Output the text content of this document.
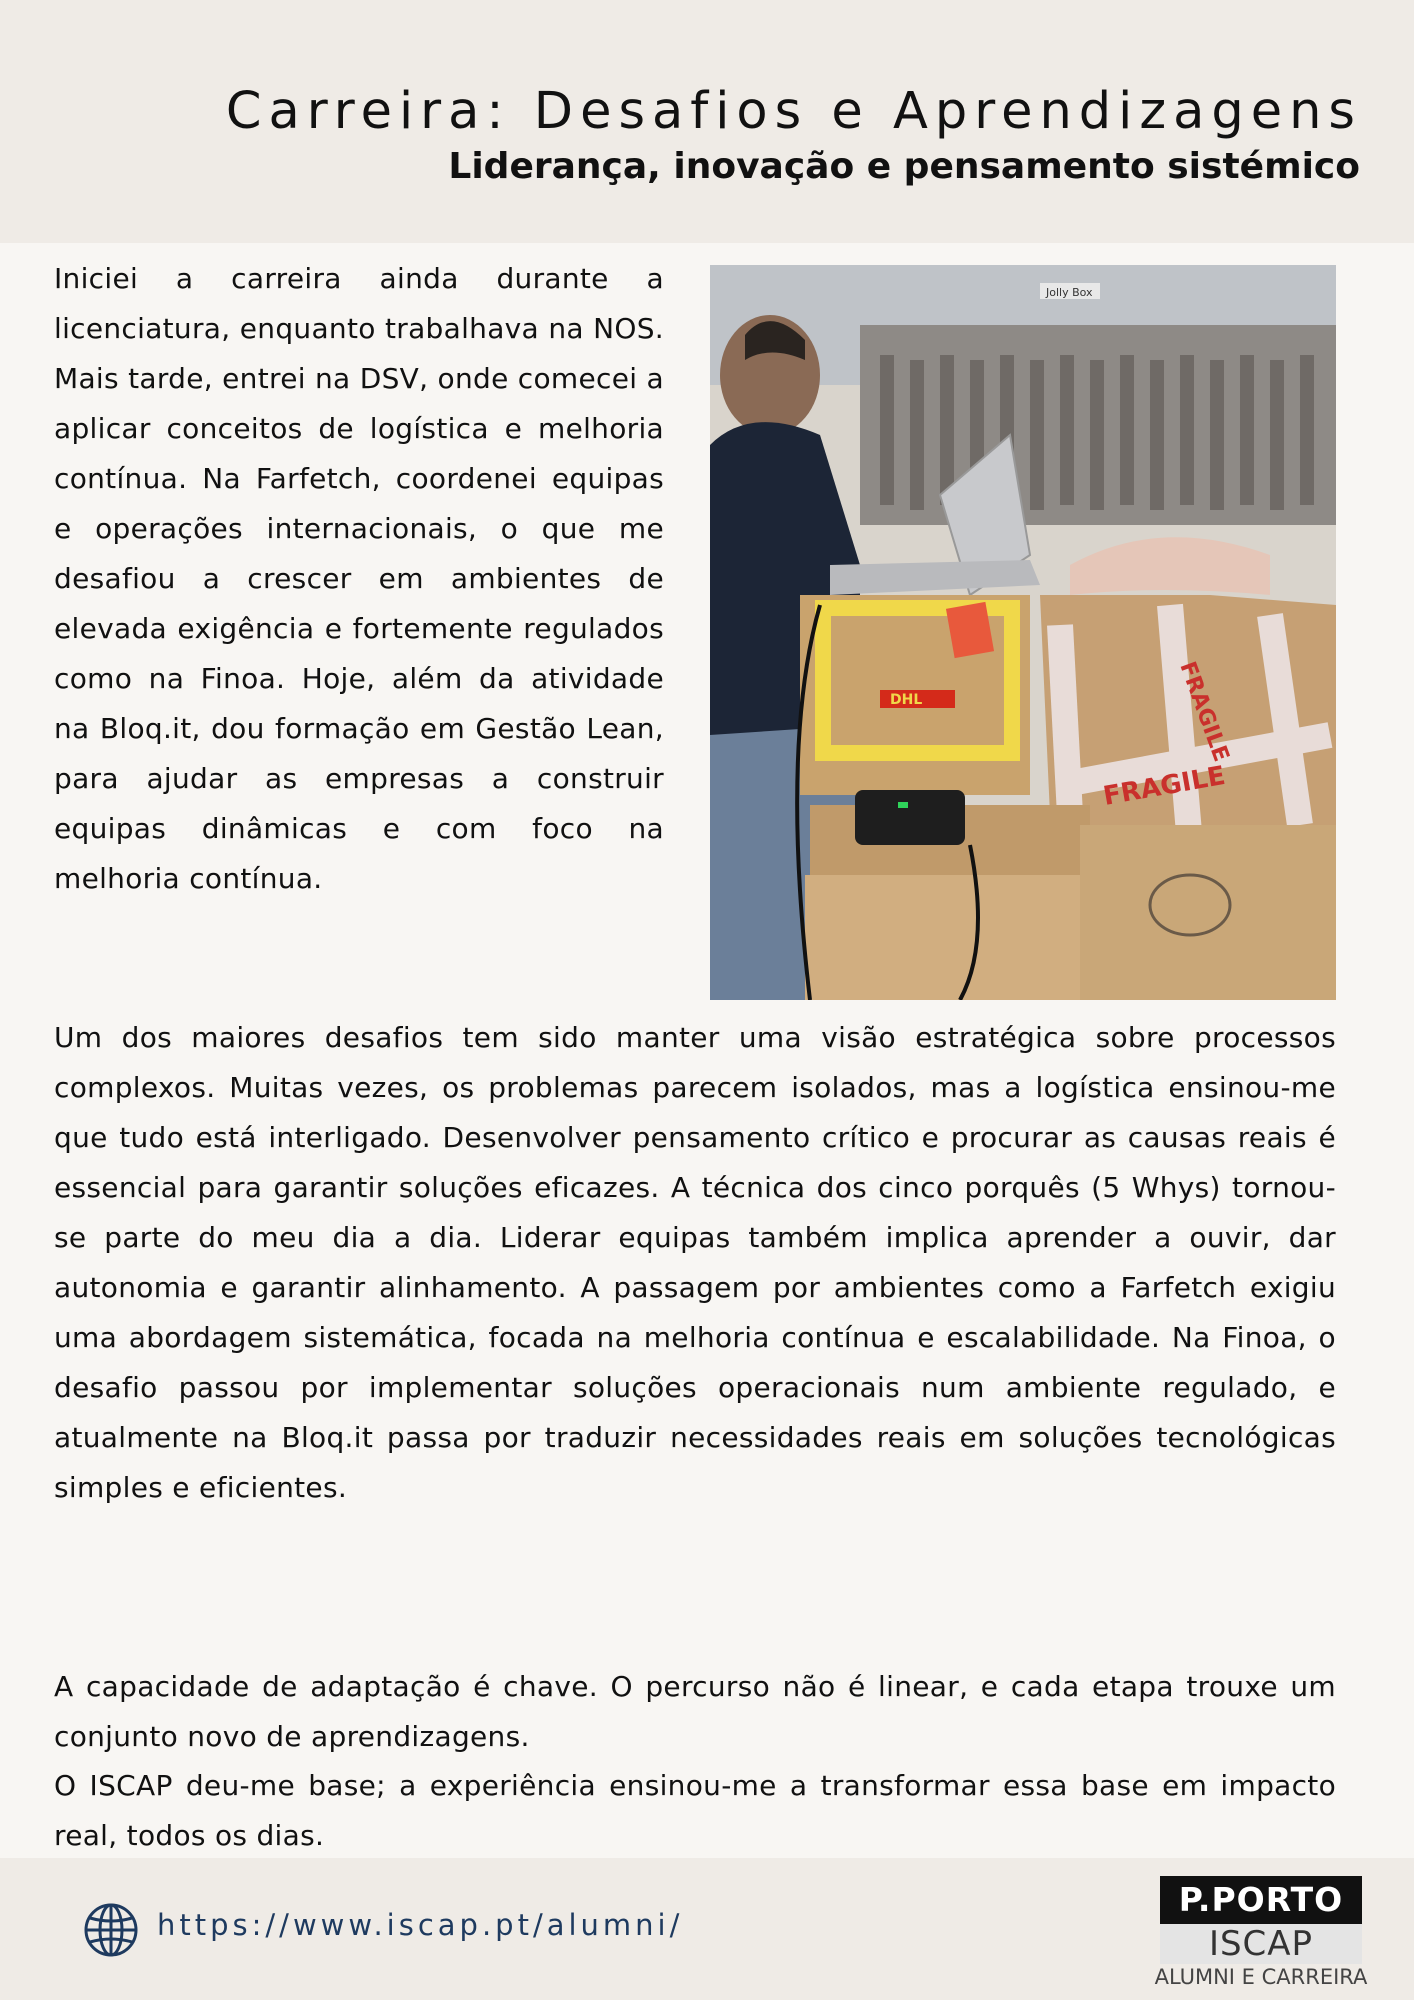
Carreira: Desafios e Aprendizagens
Liderança, inovação e pensamento sistémico

Iniciei a carreira ainda durante a licenciatura, enquanto trabalhava na NOS. Mais tarde, entrei na DSV, onde comecei a aplicar conceitos de logística e melhoria contínua. Na Farfetch, coordenei equipas e operações internacionais, o que me desafiou a crescer em ambientes de elevada exigência e fortemente regulados como na Finoa. Hoje, além da atividade na Bloq.it, dou formação em Gestão Lean, para ajudar as empresas a construir equipas dinâmicas e com foco na melhoria contínua.

Jolly Box
DHL
FRAGILE
FRAGILE

Um dos maiores desafios tem sido manter uma visão estratégica sobre processos complexos. Muitas vezes, os problemas parecem isolados, mas a logística ensinou-me que tudo está interligado. Desenvolver pensamento crítico e procurar as causas reais é essencial para garantir soluções eficazes. A técnica dos cinco porquês (5 Whys) tornou-se parte do meu dia a dia. Liderar equipas também implica aprender a ouvir, dar autonomia e garantir alinhamento. A passagem por ambientes como a Farfetch exigiu uma abordagem sistemática, focada na melhoria contínua e escalabilidade. Na Finoa, o desafio passou por implementar soluções operacionais num ambiente regulado, e atualmente na Bloq.it passa por traduzir necessidades reais em soluções tecnológicas simples e eficientes.

A capacidade de adaptação é chave. O percurso não é linear, e cada etapa trouxe um conjunto novo de aprendizagens.

O ISCAP deu-me base; a experiência ensinou-me a transformar essa base em impacto real, todos os dias.

https://www.iscap.pt/alumni/
P.PORTO
ISCAP
ALUMNI E CARREIRA
